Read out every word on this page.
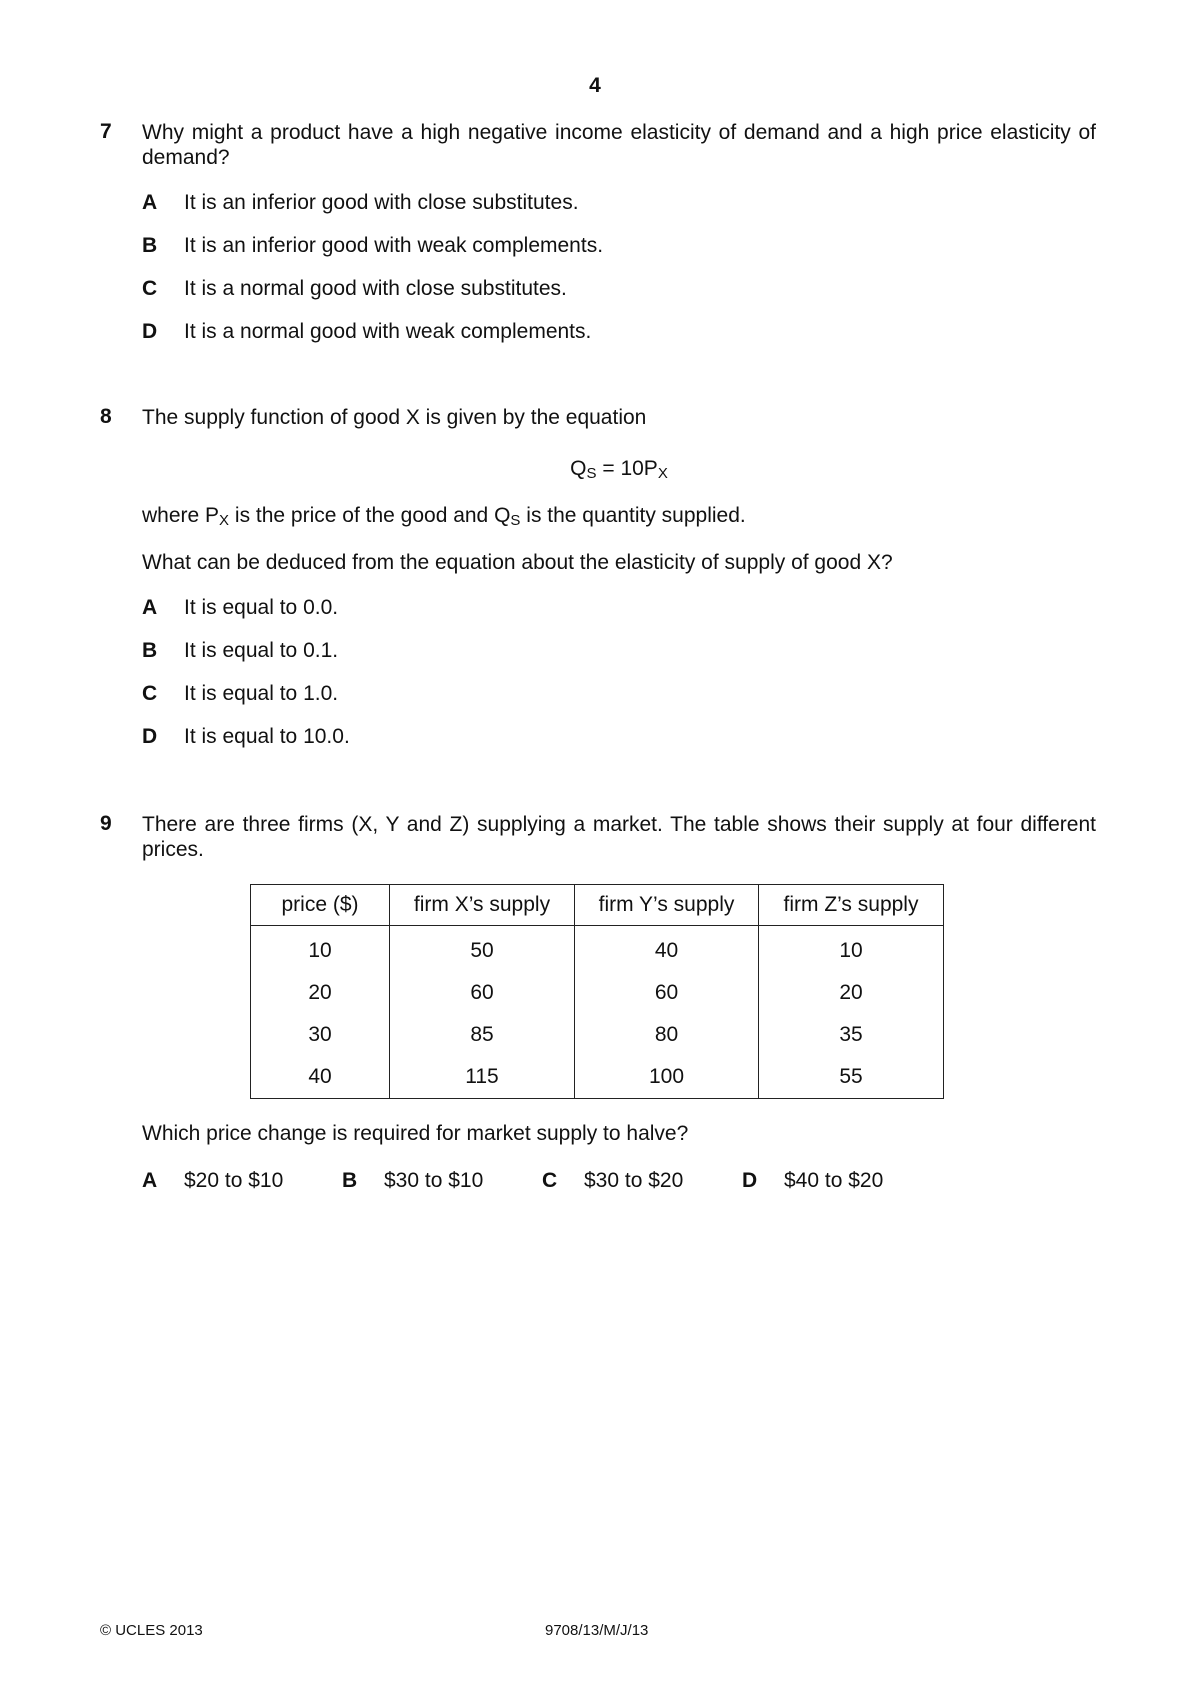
4
7 Why might a product have a high negative income elasticity of demand and a high price elasticity of demand?
A It is an inferior good with close substitutes.
B It is an inferior good with weak complements.
C It is a normal good with close substitutes.
D It is a normal good with weak complements.
8 The supply function of good X is given by the equation
$Q_S = 10P_X$
where $P_X$ is the price of the good and $Q_S$ is the quantity supplied.
What can be deduced from the equation about the elasticity of supply of good X?
A It is equal to 0.0.
B It is equal to 0.1.
C It is equal to 1.0.
D It is equal to 10.0.
9 There are three firms (X, Y and Z) supplying a market. The table shows their supply at four different prices.
price ($)	firm X’s supply	firm Y’s supply	firm Z’s supply
10	50	40	10
20	60	60	20
30	85	80	35
40	115	100	55
Which price change is required for market supply to halve?
A $20 to $10	B $30 to $10	C $30 to $20	D $40 to $20
© UCLES 2013	9708/13/M/J/13
